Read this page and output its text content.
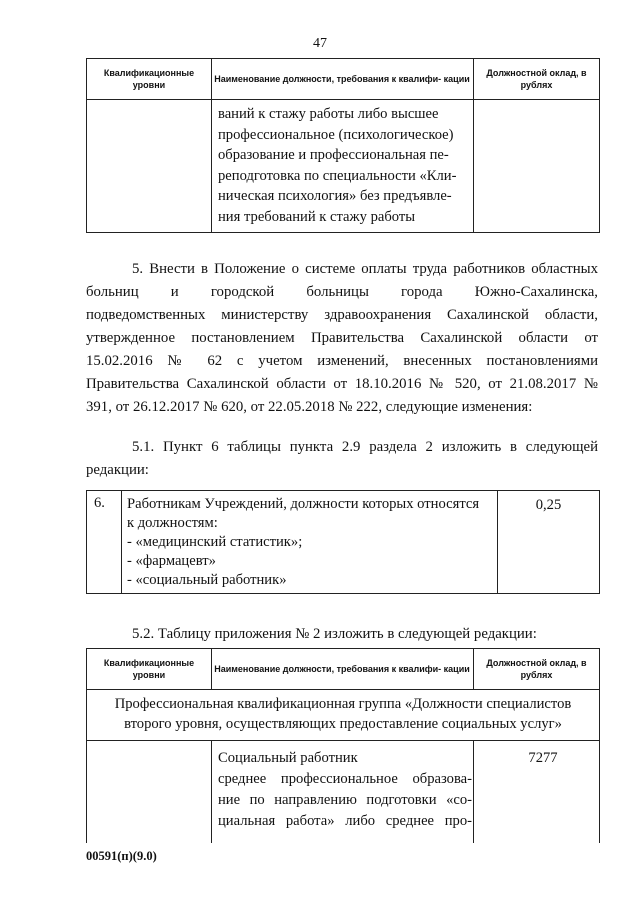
47
Квалификационные уровни
Наименование должности, требования к квалифи- кации
Должностной оклад, в рублях
ваний к стажу работы либо высшее
профессиональное (психологическое)
образование и профессиональная пе-
реподготовка по специальности «Кли-
ническая психология» без предъявле-
ния требований к стажу работы
5. Внести в Положение о системе оплаты труда работников областных
больниц и городской больницы города Южно-Сахалинска,
подведомственных министерству здравоохранения Сахалинской области,
утвержденное постановлением Правительства Сахалинской области от
15.02.2016 № 62 с учетом изменений, внесенных постановлениями
Правительства Сахалинской области от 18.10.2016 № 520, от 21.08.2017 №
391, от 26.12.2017 № 620, от 22.05.2018 № 222, следующие изменения:
5.1. Пункт 6 таблицы пункта 2.9 раздела 2 изложить в следующей
редакции:
6. Работникам Учреждений, должности которых относятся
к должностям:
- «медицинский статистик»;
- «фармацевт»
- «социальный работник»
0,25
5.2. Таблицу приложения № 2 изложить в следующей редакции:
Квалификационные уровни
Наименование должности, требования к квалифи- кации
Должностной оклад, в рублях
Профессиональная квалификационная группа «Должности специалистов
второго уровня, осуществляющих предоставление социальных услуг»
Социальный работник
среднее профессиональное образова-
ние по направлению подготовки «со-
циальная работа» либо среднее про-
7277
00591(п)(9.0)
